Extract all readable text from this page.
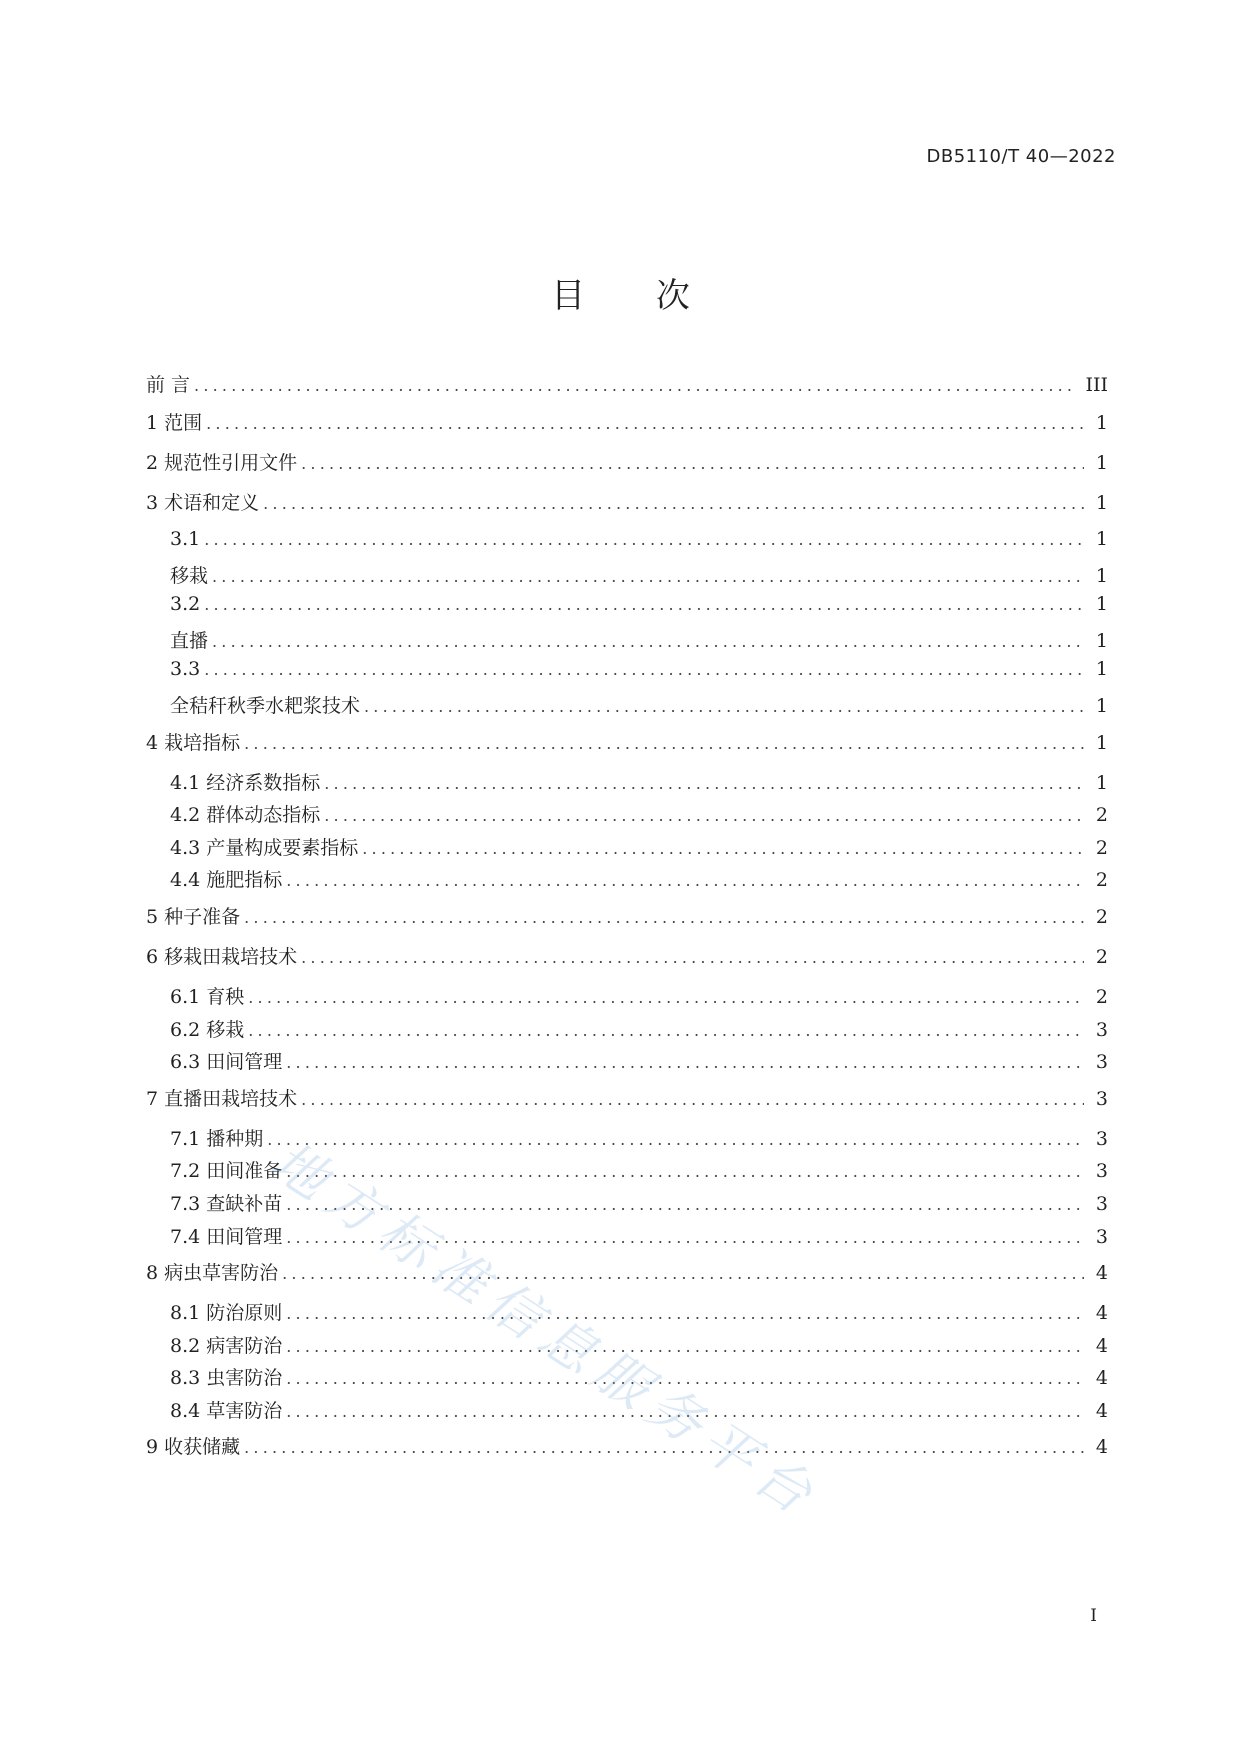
DB5110/T 40—2022
目 次
前 言 .....	III
1 范围 .....	1
2 规范性引用文件 .....	1
3 术语和定义 .....	1
3.1 .....	1
移栽 .....	1
3.2 .....	1
直播 .....	1
3.3 .....	1
全秸秆秋季水耙浆技术 .....	1
4 栽培指标 .....	1
4.1 经济系数指标 .....	1
4.2 群体动态指标 .....	2
4.3 产量构成要素指标 .....	2
4.4 施肥指标 .....	2
5 种子准备 .....	2
6 移栽田栽培技术 .....	2
6.1 育秧 .....	2
6.2 移栽 .....	3
6.3 田间管理 .....	3
7 直播田栽培技术 .....	3
7.1 播种期 .....	3
7.2 田间准备 .....	3
7.3 查缺补苗 .....	3
7.4 田间管理 .....	3
8 病虫草害防治 .....	4
8.1 防治原则 .....	4
8.2 病害防治 .....	4
8.3 虫害防治 .....	4
8.4 草害防治 .....	4
9 收获储藏 .....	4
地方标准信息服务平台
I
